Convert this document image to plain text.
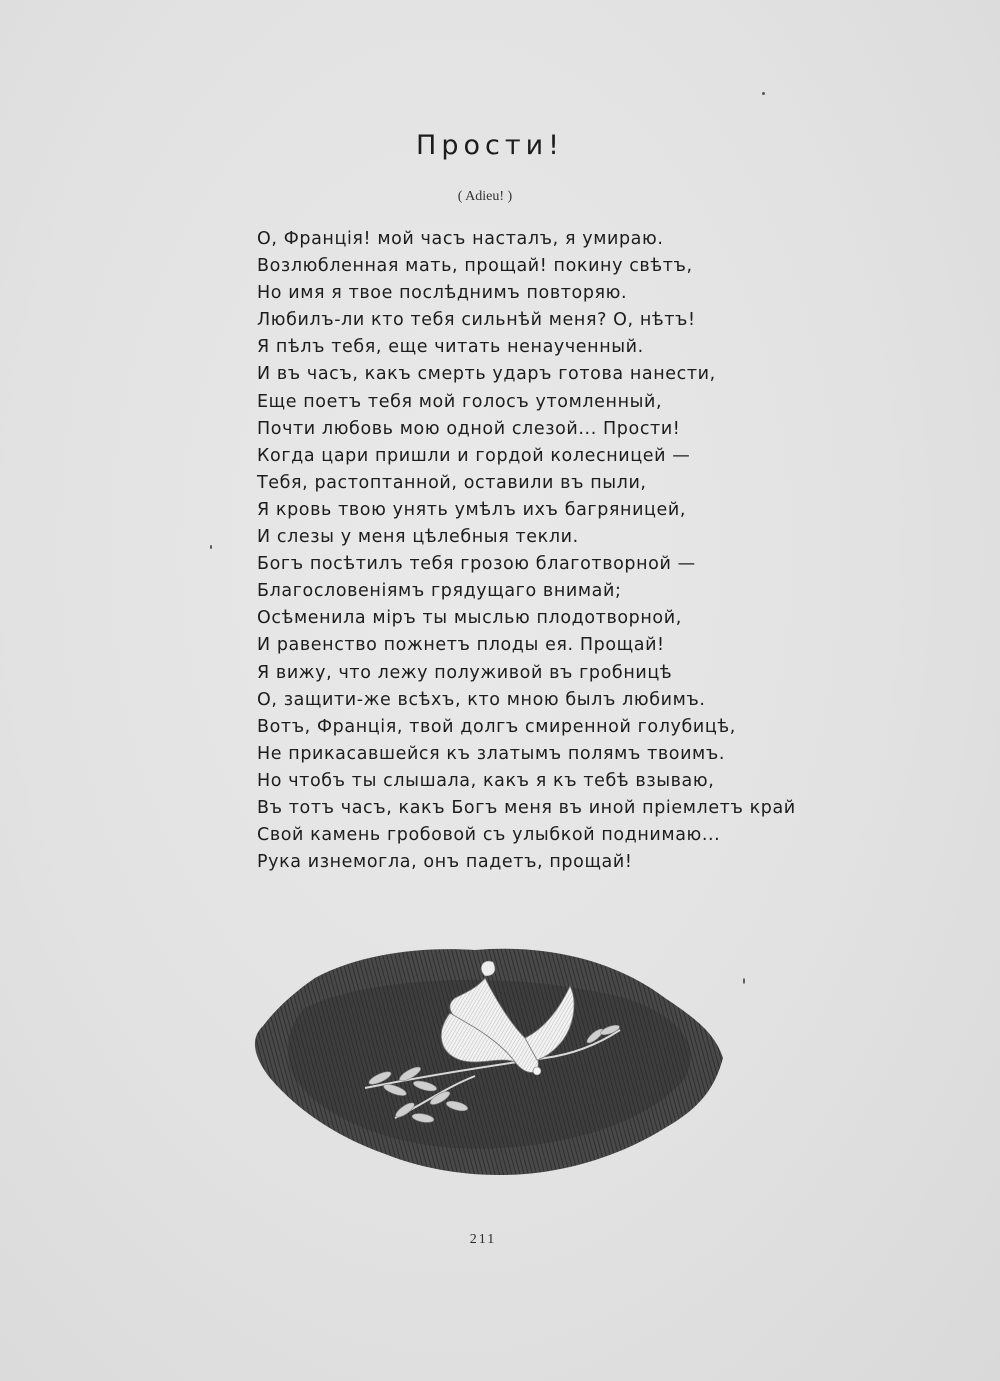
Прости!
( Adieu! )
О, Францiя! мой часъ насталъ, я умираю.
Возлюбленная мать, прощай! покину свѣтъ,
Но имя я твое послѣднимъ повторяю.
Любилъ-ли кто тебя сильнѣй меня? О, нѣтъ!
Я пѣлъ тебя, еще читать ненаученный.
И въ часъ, какъ смерть ударъ готова нанести,
Еще поетъ тебя мой голосъ утомленный,
Почти любовь мою одной слезой... Прости!
Когда цари пришли и гордой колесницей —
Тебя, растоптанной, оставили въ пыли,
Я кровь твою унять умѣлъ ихъ багряницей,
И слезы у меня цѣлебныя текли.
Богъ посѣтилъ тебя грозою благотворной —
Благословенiямъ грядущаго внимай;
Осѣменила мiръ ты мыслью плодотворной,
И равенство пожнетъ плоды ея. Прощай!
Я вижу, что лежу полуживой въ гробницѣ
О, защити-же всѣхъ, кто мною былъ любимъ.
Вотъ, Францiя, твой долгъ смиренной голубицѣ,
Не прикасавшейся къ златымъ полямъ твоимъ.
Но чтобъ ты слышала, какъ я къ тебѣ взываю,
Въ тотъ часъ, какъ Богъ меня въ иной прiемлетъ край
Свой камень гробовой съ улыбкой поднимаю...
Рука изнемогла, онъ падетъ, прощай!
211
